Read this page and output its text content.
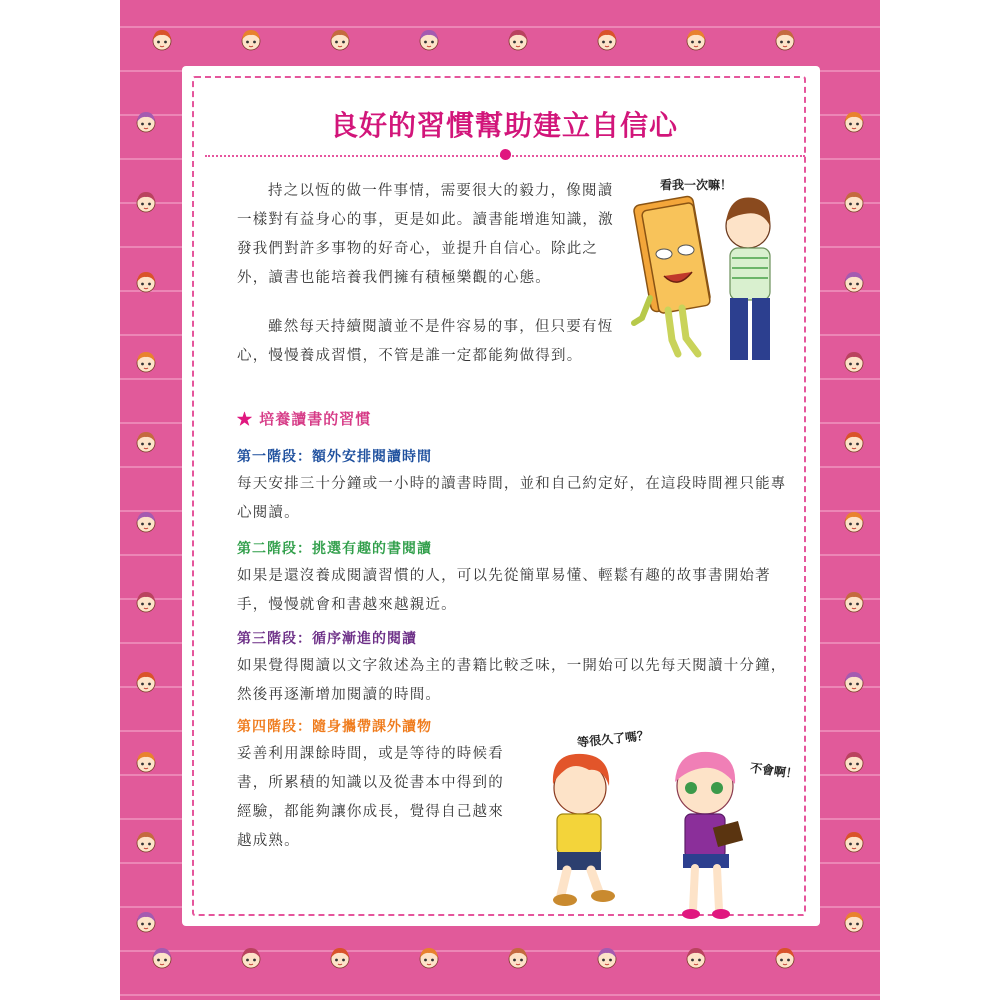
良好的習慣幫助建立自信心

持之以恆的做一件事情，需要很大的毅力，像閱讀一樣對有益身心的事，更是如此。讀書能增進知識，激發我們對許多事物的好奇心，並提升自信心。除此之外，讀書也能培養我們擁有積極樂觀的心態。

雖然每天持續閱讀並不是件容易的事，但只要有恆心，慢慢養成習慣，不管是誰一定都能夠做得到。

★ 培養讀書的習慣
第一階段：額外安排閱讀時間

每天安排三十分鐘或一小時的讀書時間，並和自己約定好，在這段時間裡只能專心閱讀。

第二階段：挑選有趣的書閱讀

如果是還沒養成閱讀習慣的人，可以先從簡單易懂、輕鬆有趣的故事書開始著手，慢慢就會和書越來越親近。

第三階段：循序漸進的閱讀

如果覺得閱讀以文字敘述為主的書籍比較乏味，一開始可以先每天閱讀十分鐘，然後再逐漸增加閱讀的時間。

第四階段：隨身攜帶課外讀物

妥善利用課餘時間，或是等待的時候看書，所累積的知識以及從書本中得到的經驗，都能夠讓你成長，覺得自己越來越成熟。

看我一次嘛！
等很久了嗎？
不會啊！
